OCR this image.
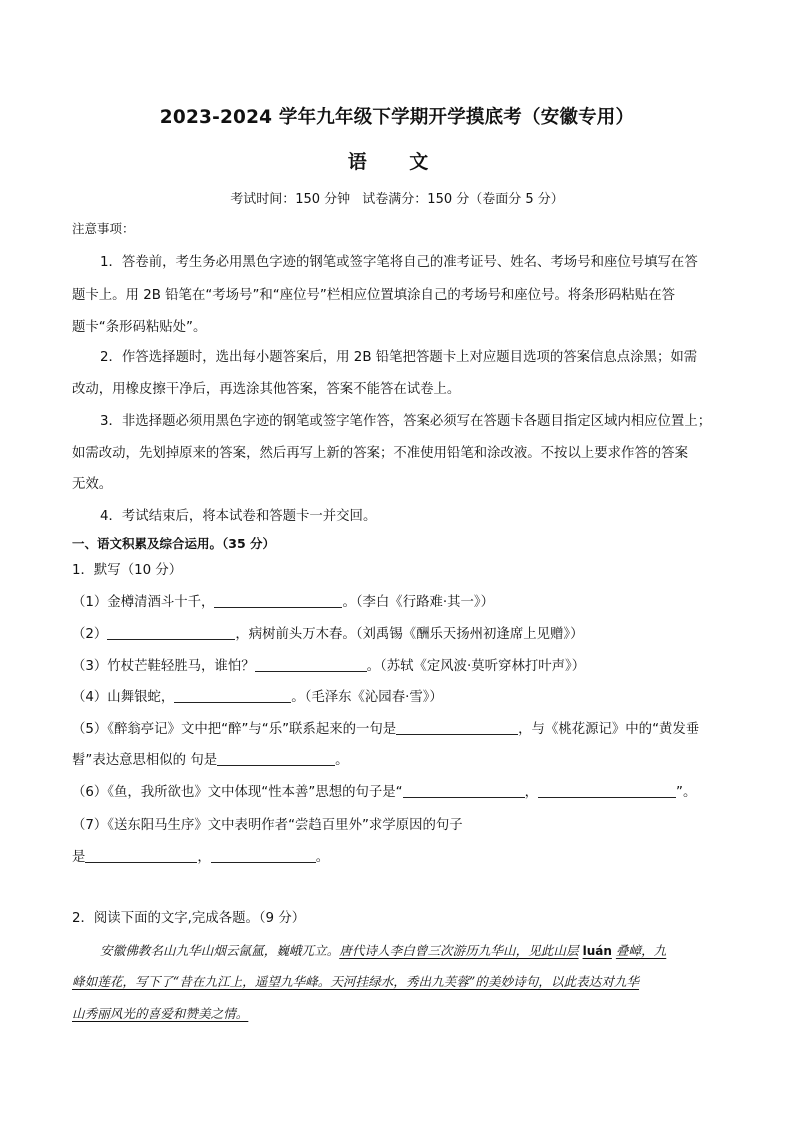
2023-2024 学年九年级下学期开学摸底考（安徽专用）
语 文
考试时间：150 分钟 试卷满分：150 分（卷面分 5 分）
注意事项：
1．答卷前，考生务必用黑色字迹的钢笔或签字笔将自己的准考证号、姓名、考场号和座位号填写在答
题卡上。用 2B 铅笔在“考场号”和“座位号”栏相应位置填涂自己的考场号和座位号。将条形码粘贴在答
题卡“条形码粘贴处”。
2．作答选择题时，选出每小题答案后，用 2B 铅笔把答题卡上对应题目选项的答案信息点涂黑；如需
改动，用橡皮擦干净后，再选涂其他答案，答案不能答在试卷上。
3．非选择题必须用黑色字迹的钢笔或签字笔作答，答案必须写在答题卡各题目指定区域内相应位置上；
如需改动，先划掉原来的答案，然后再写上新的答案；不准使用铅笔和涂改液。不按以上要求作答的答案
无效。
4．考试结束后，将本试卷和答题卡一并交回。
一、语文积累及综合运用。（35 分）
1．默写（10 分）
（1）金樽清酒斗十千，	。（李白《行路难·其一》）
（2）	，病树前头万木春。（刘禹锡《酬乐天扬州初逢席上见赠》）
（3）竹杖芒鞋轻胜马，谁怕？	。（苏轼《定风波·莫听穿林打叶声》）
（4）山舞银蛇，	。（毛泽东《沁园春·雪》）
（5）《醉翁亭记》文中把“醉”与“乐”联系起来的一句是	，与《桃花源记》中的“黄发垂
髫”表达意思相似的 句是	。
（6）《鱼，我所欲也》文中体现“性本善”思想的句子是“	，	”。
（7）《送东阳马生序》文中表明作者“尝趋百里外”求学原因的句子
是	，	。
2．阅读下面的文字,完成各题。（9 分）
安徽佛教名山九华山烟云氤氲，巍峨兀立。唐代诗人李白曾三次游历九华山，见此山层 luán 叠嶂，九
峰如莲花，写下了“昔在九江上，遥望九华峰。天河挂绿水，秀出九芙蓉”的美妙诗句，以此表达对九华
山秀丽风光的喜爱和赞美之情。
